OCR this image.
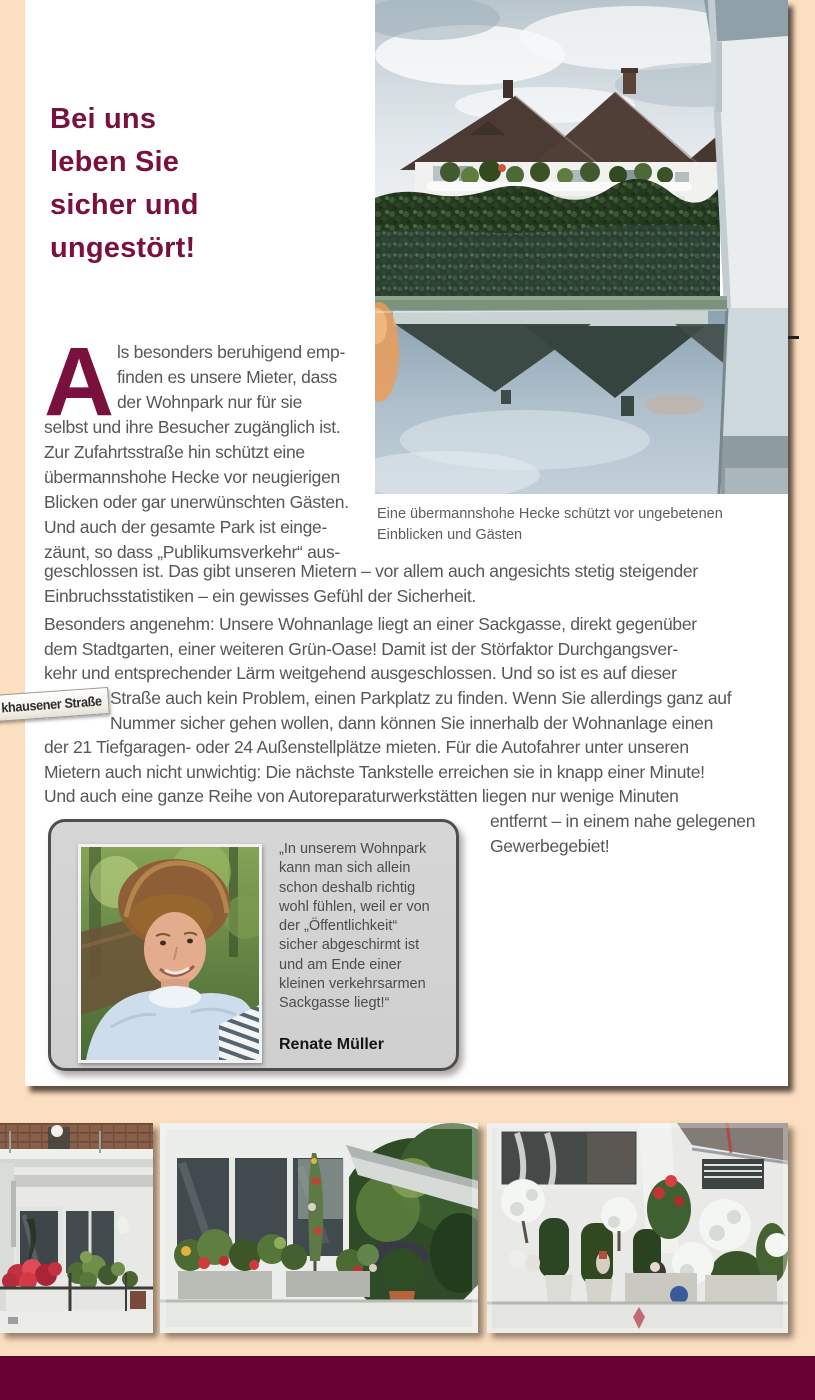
Eine übermannshohe Hecke schützt vor ungebetenen
Einblicken und Gästen
Bei uns
leben Sie
sicher und
ungestört!
A ls besonders beruhigend emp-
finden es unsere Mieter, dass
der Wohnpark nur für sie
selbst und ihre Besucher zugänglich ist.
Zur Zufahrtsstraße hin schützt eine
übermannshohe Hecke vor neugierigen
Blicken oder gar unerwünschten Gästen.
Und auch der gesamte Park ist einge-
zäunt, so dass „Publikumsverkehr“ aus-
geschlossen ist. Das gibt unseren Mietern – vor allem auch angesichts stetig steigender
Einbruchsstatistiken – ein gewisses Gefühl der Sicherheit.
Besonders angenehm: Unsere Wohnanlage liegt an einer Sackgasse, direkt gegenüber
dem Stadtgarten, einer weiteren Grün-Oase! Damit ist der Störfaktor Durchgangsver-
kehr und entsprechender Lärm weitgehend ausgeschlossen. Und so ist es auf dieser
Straße auch kein Problem, einen Parkplatz zu finden. Wenn Sie allerdings ganz auf
Nummer sicher gehen wollen, dann können Sie innerhalb der Wohnanlage einen
der 21 Tiefgaragen- oder 24 Außenstellplätze mieten. Für die Autofahrer unter unseren
Mietern auch nicht unwichtig: Die nächste Tankstelle erreichen sie in knapp einer Minute!
Und auch eine ganze Reihe von Autoreparaturwerkstätten liegen nur wenige Minuten
entfernt – in einem nahe gelegenen
Gewerbegebiet!
khausener Straße
„In unserem Wohnpark
kann man sich allein
schon deshalb richtig
wohl fühlen, weil er von
der „Öffentlichkeit“
sicher abgeschirmt ist
und am Ende einer
kleinen verkehrsarmen
Sackgasse liegt!“
Renate Müller
